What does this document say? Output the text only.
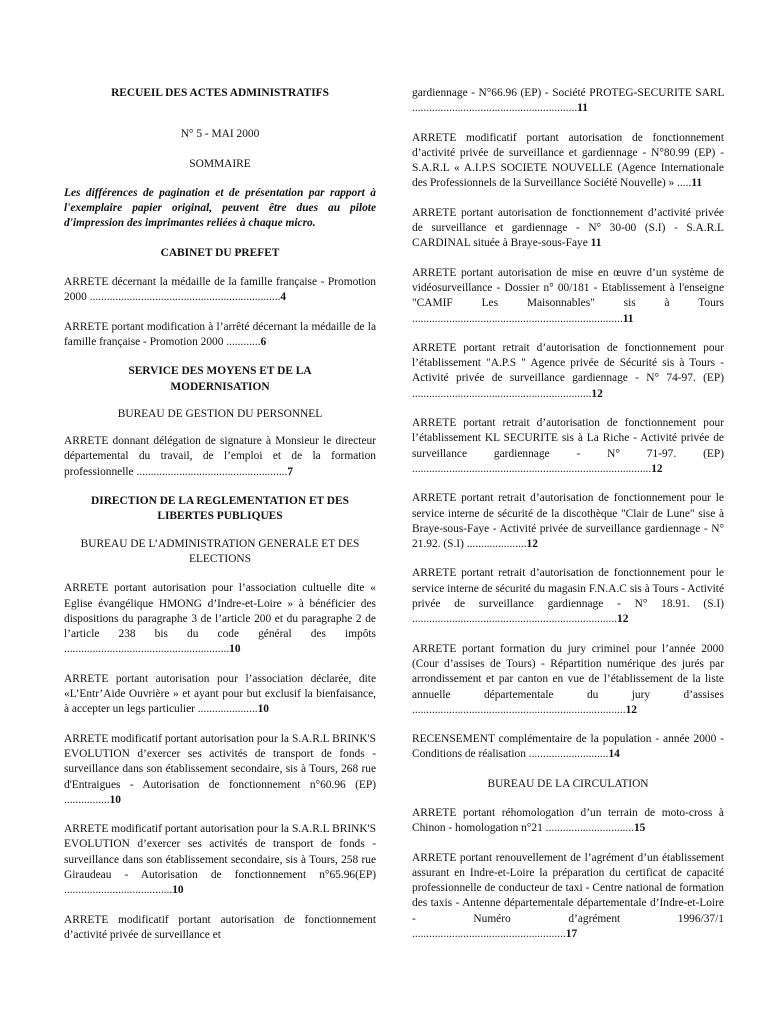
RECUEIL DES ACTES ADMINISTRATIFS
N° 5 - MAI 2000
SOMMAIRE
Les différences de pagination et de présentation par rapport à l'exemplaire papier original, peuvent être dues au pilote d'impression des imprimantes reliées à chaque micro.
CABINET DU PREFET
ARRETE décernant la médaille de la famille française - Promotion 2000 ...................................................................4
ARRETE portant modification à l’arrêté décernant la médaille de la famille française - Promotion 2000 ............6
SERVICE DES MOYENS ET DE LA MODERNISATION
BUREAU DE GESTION DU PERSONNEL
ARRETE donnant délégation de signature à Monsieur le directeur départemental du travail, de l’emploi et de la formation professionnelle .....................................................7
DIRECTION DE LA REGLEMENTATION ET DES LIBERTES PUBLIQUES
BUREAU DE L’ADMINISTRATION GENERALE ET DES ELECTIONS
ARRETE portant autorisation pour l’association cultuelle dite « Eglise évangélique HMONG d’Indre-et-Loire » à bénéficier des dispositions du paragraphe 3 de l’article 200 et du paragraphe 2 de l’article 238 bis du code général des impôts ..........................................................10
ARRETE portant autorisation pour l’association déclarée, dite «L’Entr’Aide Ouvrière » et ayant pour but exclusif la bienfaisance, à accepter un legs particulier .....................10
ARRETE modificatif portant autorisation pour la S.A.R.L BRINK'S EVOLUTION d’exercer ses activités de transport de fonds - surveillance dans son établissement secondaire, sis à Tours, 268 rue d'Entraigues - Autorisation de fonctionnement n°60.96 (EP) ................10
ARRETE modificatif portant autorisation pour la S.A.R.L BRINK'S EVOLUTION d’exercer ses activités de transport de fonds - surveillance dans son établissement secondaire, sis à Tours, 258 rue Giraudeau - Autorisation de fonctionnement n°65.96(EP) ......................................10
ARRETE modificatif portant autorisation de fonctionnement d’activité privée de surveillance et
gardiennage - N°66.96 (EP) - Société PROTEG-SECURITE SARL ..........................................................11
ARRETE modificatif portant autorisation de fonctionnement d’activité privée de surveillance et gardiennage - N°80.99 (EP) - S.A.R.L « A.I.P.S SOCIETE NOUVELLE (Agence Internationale des Professionnels de la Surveillance Société Nouvelle) » .....11
ARRETE portant autorisation de fonctionnement d’activité privée de surveillance et gardiennage - N° 30-00 (S.I) - S.A.R.L CARDINAL située à Braye-sous-Faye 11
ARRETE portant autorisation de mise en œuvre d’un système de vidéosurveillance - Dossier n° 00/181 - Etablissement à l'enseigne "CAMIF Les Maisonnables" sis à Tours ..........................................................................11
ARRETE portant retrait d’autorisation de fonctionnement pour l’établissement "A.P.S " Agence privée de Sécurité sis à Tours - Activité privée de surveillance gardiennage - N° 74-97. (EP) ...............................................................12
ARRETE portant retrait d’autorisation de fonctionnement pour l’établissement KL SECURITE sis à La Riche - Activité privée de surveillance gardiennage - N° 71-97. (EP) ....................................................................................12
ARRETE portant retrait d’autorisation de fonctionnement pour le service interne de sécurité de la discothèque "Clair de Lune" sise à Braye-sous-Faye - Activité privée de surveillance gardiennage - N° 21.92. (S.I) .....................12
ARRETE portant retrait d’autorisation de fonctionnement pour le service interne de sécurité du magasin F.N.A.C sis à Tours - Activité privée de surveillance gardiennage - N° 18.91. (S.I) ........................................................................12
ARRETE portant formation du jury criminel pour l’année 2000 (Cour d’assises de Tours) - Répartition numérique des jurés par arrondissement et par canton en vue de l’établissement de la liste annuelle départementale du jury d’assises ...........................................................................12
RECENSEMENT complémentaire de la population - année 2000 - Conditions de réalisation ............................14
BUREAU DE LA CIRCULATION
ARRETE portant réhomologation d’un terrain de moto-cross à Chinon - homologation n°21 ...............................15
ARRETE portant renouvellement de l’agrément d’un établissement assurant en Indre-et-Loire la préparation du certificat de capacité professionnelle de conducteur de taxi - Centre national de formation des taxis - Antenne départementale départementale d’Indre-et-Loire - Numéro d’agrément 1996/37/1 ......................................................17
